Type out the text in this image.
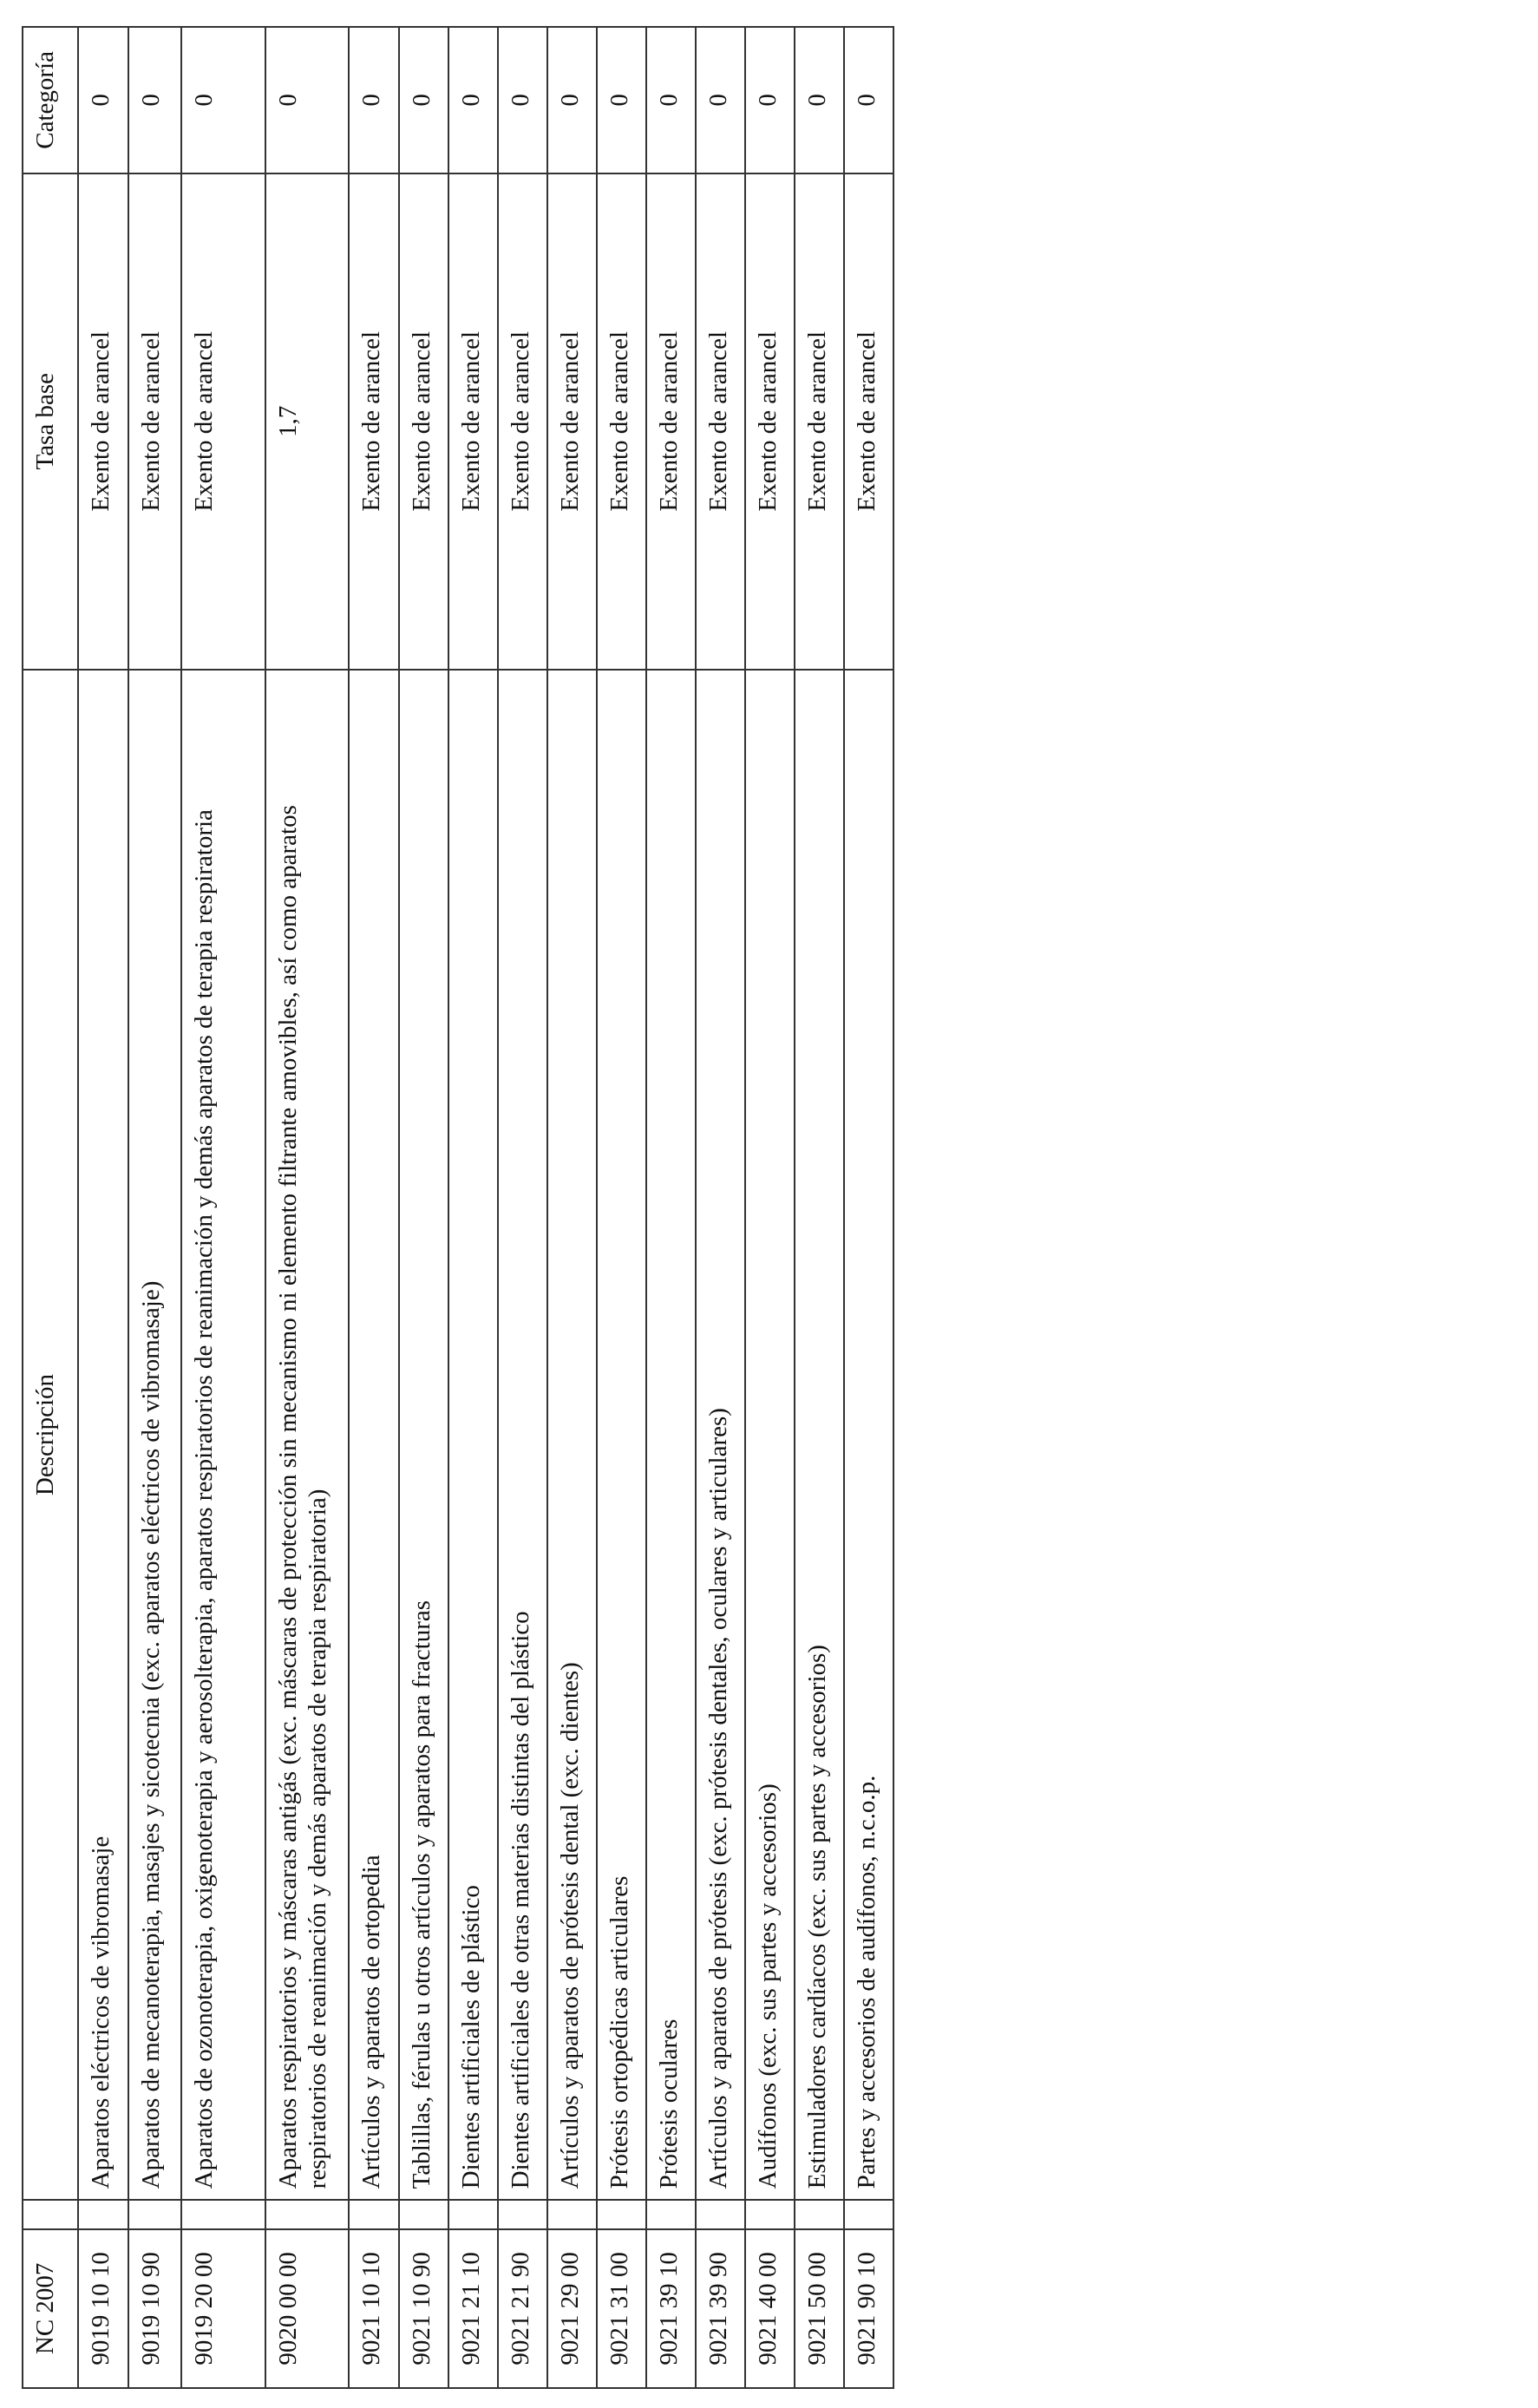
NC 2007		Descripción	Tasa base	Categoría
9019 10 10		Aparatos eléctricos de vibromasaje	Exento de arancel	0
9019 10 90		Aparatos de mecanoterapia, masajes y sicotecnia (exc. aparatos eléctricos de vibromasaje)	Exento de arancel	0
9019 20 00		Aparatos de ozonoterapia, oxigenoterapia y aerosolterapia, aparatos respiratorios de reanimación y demás aparatos de terapia respiratoria	Exento de arancel	0
9020 00 00		Aparatos respiratorios y máscaras antigás (exc. máscaras de protección sin mecanismo ni elemento filtrante amovibles, así como aparatos respiratorios de reanimación y demás aparatos de terapia respiratoria)	1,7	0
9021 10 10		Artículos y aparatos de ortopedia	Exento de arancel	0
9021 10 90		Tablillas, férulas u otros artículos y aparatos para fracturas	Exento de arancel	0
9021 21 10		Dientes artificiales de plástico	Exento de arancel	0
9021 21 90		Dientes artificiales de otras materias distintas del plástico	Exento de arancel	0
9021 29 00		Artículos y aparatos de prótesis dental (exc. dientes)	Exento de arancel	0
9021 31 00		Prótesis ortopédicas articulares	Exento de arancel	0
9021 39 10		Prótesis oculares	Exento de arancel	0
9021 39 90		Artículos y aparatos de prótesis (exc. prótesis dentales, oculares y articulares)	Exento de arancel	0
9021 40 00		Audífonos (exc. sus partes y accesorios)	Exento de arancel	0
9021 50 00		Estimuladores cardíacos (exc. sus partes y accesorios)	Exento de arancel	0
9021 90 10		Partes y accesorios de audífonos, n.c.o.p.	Exento de arancel	0
